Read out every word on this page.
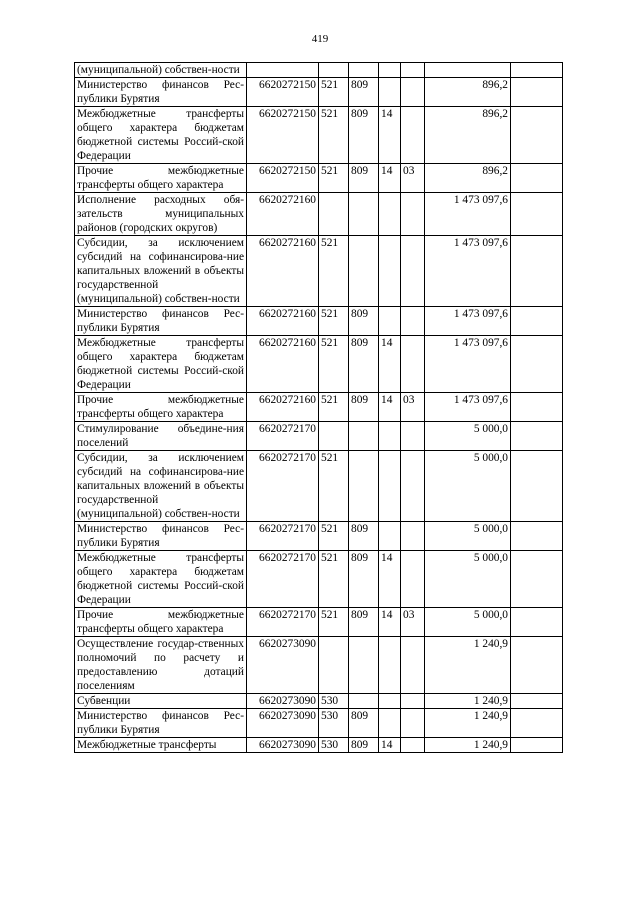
419
(муниципальной) собствен-ности							
Министерство финансов Рес-публики Бурятия	6620272150	521	809			896,2	
Межбюджетные трансферты общего характера бюджетам бюджетной системы Россий-ской Федерации	6620272150	521	809	14		896,2	
Прочие межбюджетные трансферты общего характера	6620272150	521	809	14	03	896,2	
Исполнение расходных обя-зательств муниципальных районов (городских округов)	6620272160					1 473 097,6	
Субсидии, за исключением субсидий на софинансирова-ние капитальных вложений в объекты государственной (муниципальной) собствен-ности	6620272160	521				1 473 097,6	
Министерство финансов Рес-публики Бурятия	6620272160	521	809			1 473 097,6	
Межбюджетные трансферты общего характера бюджетам бюджетной системы Россий-ской Федерации	6620272160	521	809	14		1 473 097,6	
Прочие межбюджетные трансферты общего характера	6620272160	521	809	14	03	1 473 097,6	
Стимулирование объедине-ния поселений	6620272170					5 000,0	
Субсидии, за исключением субсидий на софинансирова-ние капитальных вложений в объекты государственной (муниципальной) собствен-ности	6620272170	521				5 000,0	
Министерство финансов Рес-публики Бурятия	6620272170	521	809			5 000,0	
Межбюджетные трансферты общего характера бюджетам бюджетной системы Россий-ской Федерации	6620272170	521	809	14		5 000,0	
Прочие межбюджетные трансферты общего характера	6620272170	521	809	14	03	5 000,0	
Осуществление государ-ственных полномочий по расчету и предоставлению дотаций поселениям	6620273090					1 240,9	
Субвенции	6620273090	530				1 240,9	
Министерство финансов Рес-публики Бурятия	6620273090	530	809			1 240,9	
Межбюджетные трансферты	6620273090	530	809	14		1 240,9	
